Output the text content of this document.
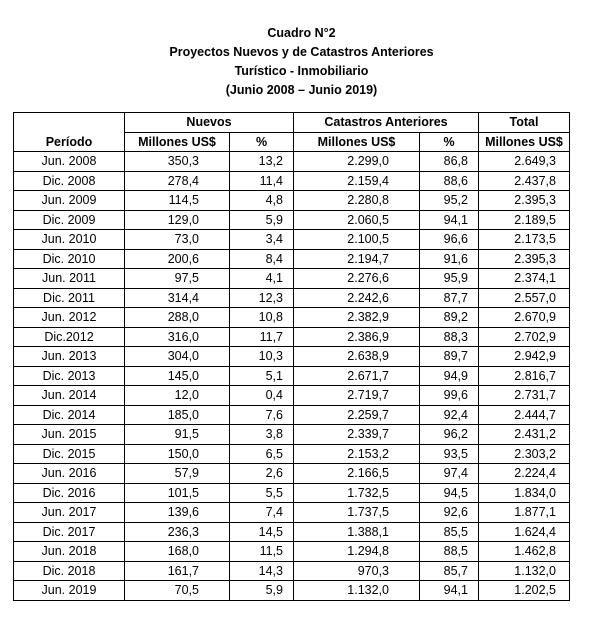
Cuadro N°2
Proyectos Nuevos y de Catastros Anteriores
Turístico - Inmobiliario
(Junio 2008 – Junio 2019)
	Nuevos		Catastros Anteriores		Total
Período	Millones US$	%	Millones US$	%	Millones US$
Jun. 2008	350,3	13,2	2.299,0	86,8	2.649,3
Dic. 2008	278,4	11,4	2.159,4	88,6	2.437,8
Jun. 2009	114,5	4,8	2.280,8	95,2	2.395,3
Dic. 2009	129,0	5,9	2.060,5	94,1	2.189,5
Jun. 2010	73,0	3,4	2.100,5	96,6	2.173,5
Dic. 2010	200,6	8,4	2.194,7	91,6	2.395,3
Jun. 2011	97,5	4,1	2.276,6	95,9	2.374,1
Dic. 2011	314,4	12,3	2.242,6	87,7	2.557,0
Jun. 2012	288,0	10,8	2.382,9	89,2	2.670,9
Dic.2012	316,0	11,7	2.386,9	88,3	2.702,9
Jun. 2013	304,0	10,3	2.638,9	89,7	2.942,9
Dic. 2013	145,0	5,1	2.671,7	94,9	2.816,7
Jun. 2014	12,0	0,4	2.719,7	99,6	2.731,7
Dic. 2014	185,0	7,6	2.259,7	92,4	2.444,7
Jun. 2015	91,5	3,8	2.339,7	96,2	2.431,2
Dic. 2015	150,0	6,5	2.153,2	93,5	2.303,2
Jun. 2016	57,9	2,6	2.166,5	97,4	2.224,4
Dic. 2016	101,5	5,5	1.732,5	94,5	1.834,0
Jun. 2017	139,6	7,4	1.737,5	92,6	1.877,1
Dic. 2017	236,3	14,5	1.388,1	85,5	1.624,4
Jun. 2018	168,0	11,5	1.294,8	88,5	1.462,8
Dic. 2018	161,7	14,3	970,3	85,7	1.132,0
Jun. 2019	70,5	5,9	1.132,0	94,1	1.202,5
